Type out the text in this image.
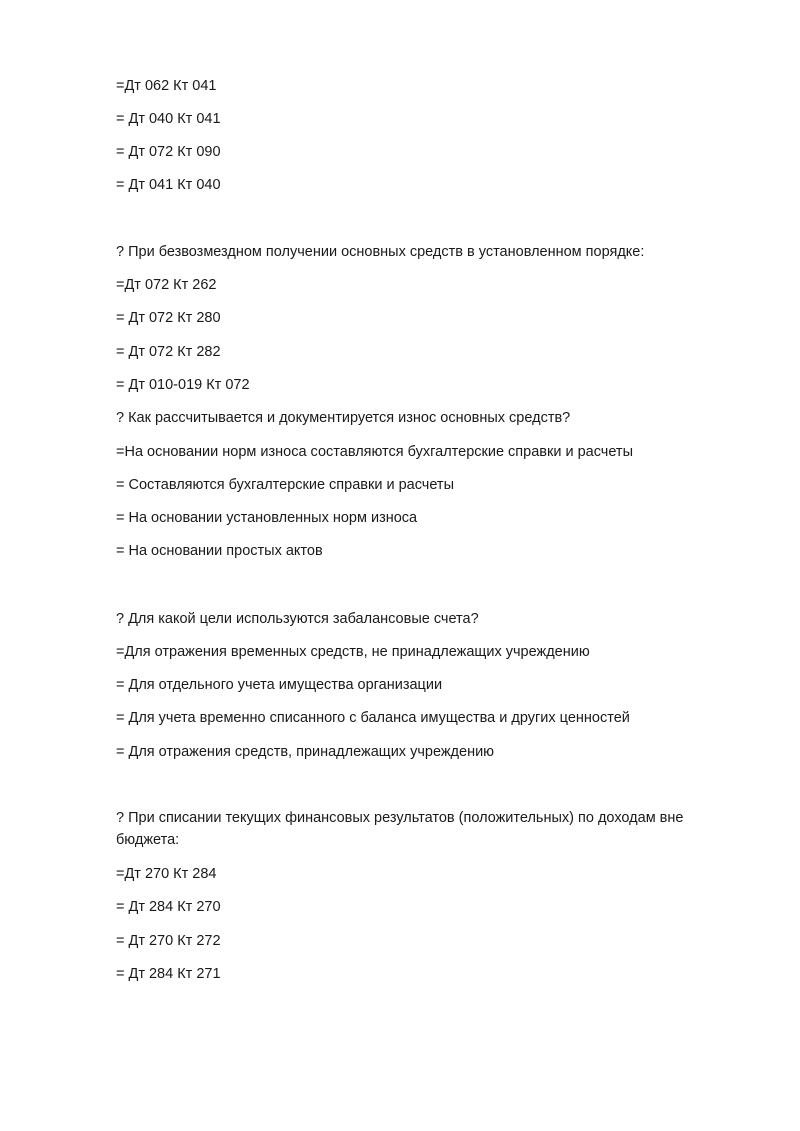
=Дт 062 Кт 041
= Дт 040 Кт 041
= Дт 072 Кт 090
= Дт 041 Кт 040
? При безвозмездном получении основных средств в установленном порядке:
=Дт 072 Кт 262
= Дт 072 Кт 280
= Дт 072 Кт 282
= Дт 010-019 Кт 072
? Как рассчитывается и документируется износ основных средств?
=На основании норм износа составляются бухгалтерские справки и расчеты
= Составляются бухгалтерские справки и расчеты
= На основании установленных норм износа
= На основании простых актов
? Для какой цели используются забалансовые счета?
=Для отражения временных средств, не принадлежащих учреждению
= Для отдельного учета имущества организации
= Для учета временно списанного с баланса имущества и других ценностей
= Для отражения средств, принадлежащих учреждению
? При списании текущих финансовых результатов (положительных) по доходам вне бюджета:
=Дт 270 Кт 284
= Дт 284 Кт 270
= Дт 270 Кт 272
= Дт 284 Кт 271
